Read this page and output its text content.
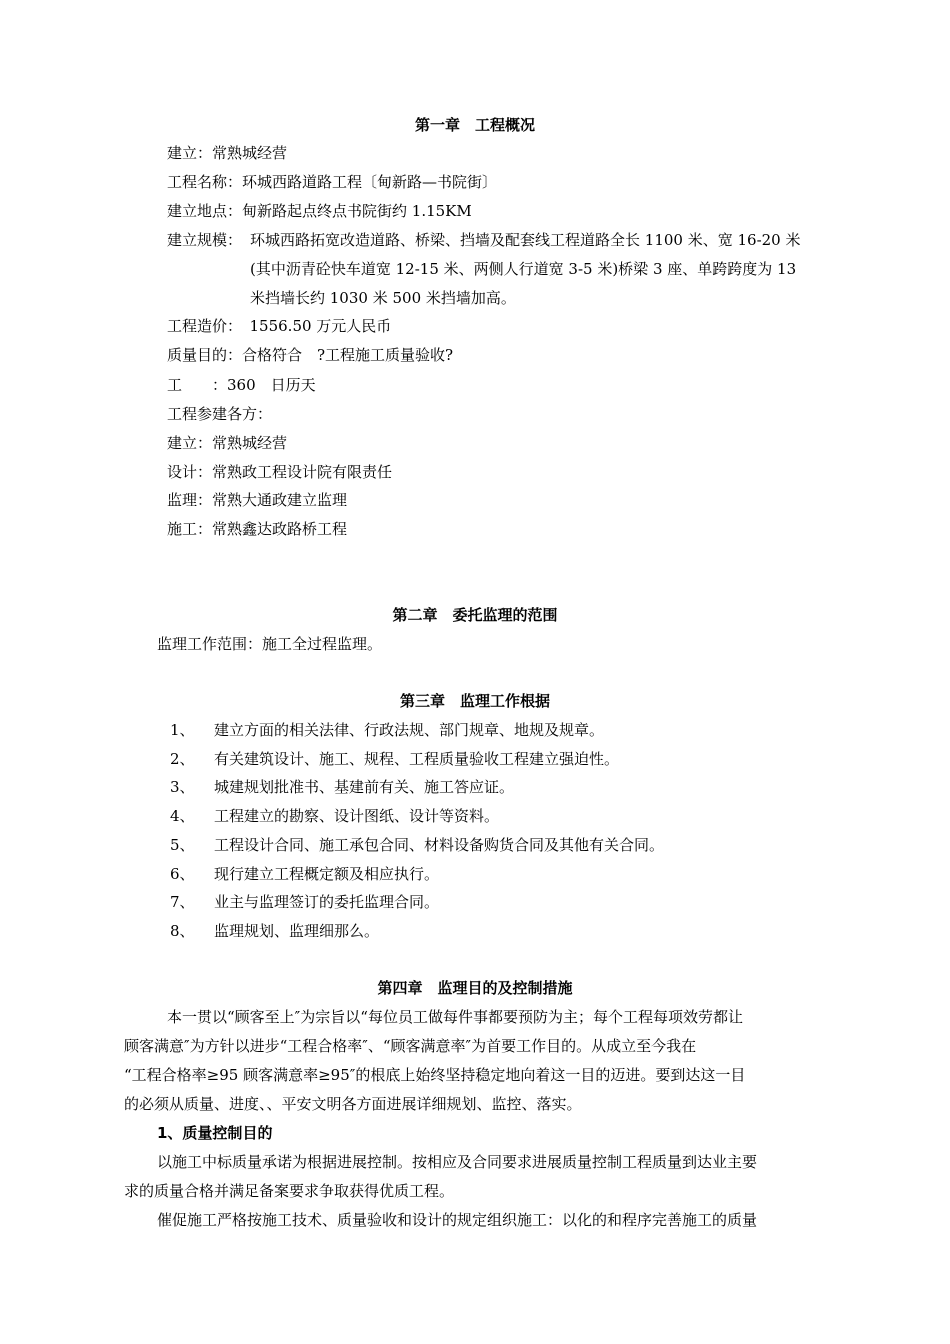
第一章　工程概况
建立：常熟城经营
工程名称：环城西路道路工程〔甸新路—书院街〕
建立地点：甸新路起点终点书院街约 1.15KM
建立规模： 环城西路拓宽改造道路、桥梁、挡墙及配套线工程道路全长 1100 米、宽 16-20 米
(其中沥青砼快车道宽 12-15 米、两侧人行道宽 3-5 米)桥梁 3 座、单跨跨度为 13
米挡墙长约 1030 米 500 米挡墙加高。
工程造价：　1556.50 万元人民币
质量目的：合格符合　?工程施工质量验收?
工　　：360　日历天
工程参建各方：
建立：常熟城经营
设计：常熟政工程设计院有限责任
监理：常熟大通政建立监理
施工：常熟鑫达政路桥工程
第二章　委托监理的范围
监理工作范围：施工全过程监理。
第三章　监理工作根据
1、 建立方面的相关法律、行政法规、部门规章、地规及规章。
2、 有关建筑设计、施工、规程、工程质量验收工程建立强迫性。
3、 城建规划批准书、基建前有关、施工答应证。
4、 工程建立的勘察、设计图纸、设计等资料。
5、 工程设计合同、施工承包合同、材料设备购货合同及其他有关合同。
6、 现行建立工程概定额及相应执行。
7、 业主与监理签订的委托监理合同。
8、 监理规划、监理细那么。
第四章　监理目的及控制措施
本一贯以“顾客至上″为宗旨以“每位员工做每件事都要预防为主；每个工程每项效劳都让
顾客满意″为方针以进步“工程合格率″、“顾客满意率″为首要工作目的。从成立至今我在
“工程合格率≥95 顾客满意率≥95″的根底上始终坚持稳定地向着这一目的迈进。要到达这一目
的必须从质量、进度、、平安文明各方面进展详细规划、监控、落实。
1、质量控制目的
以施工中标质量承诺为根据进展控制。按相应及合同要求进展质量控制工程质量到达业主要
求的质量合格并满足备案要求争取获得优质工程。
催促施工严格按施工技术、质量验收和设计的规定组织施工：以化的和程序完善施工的质量
